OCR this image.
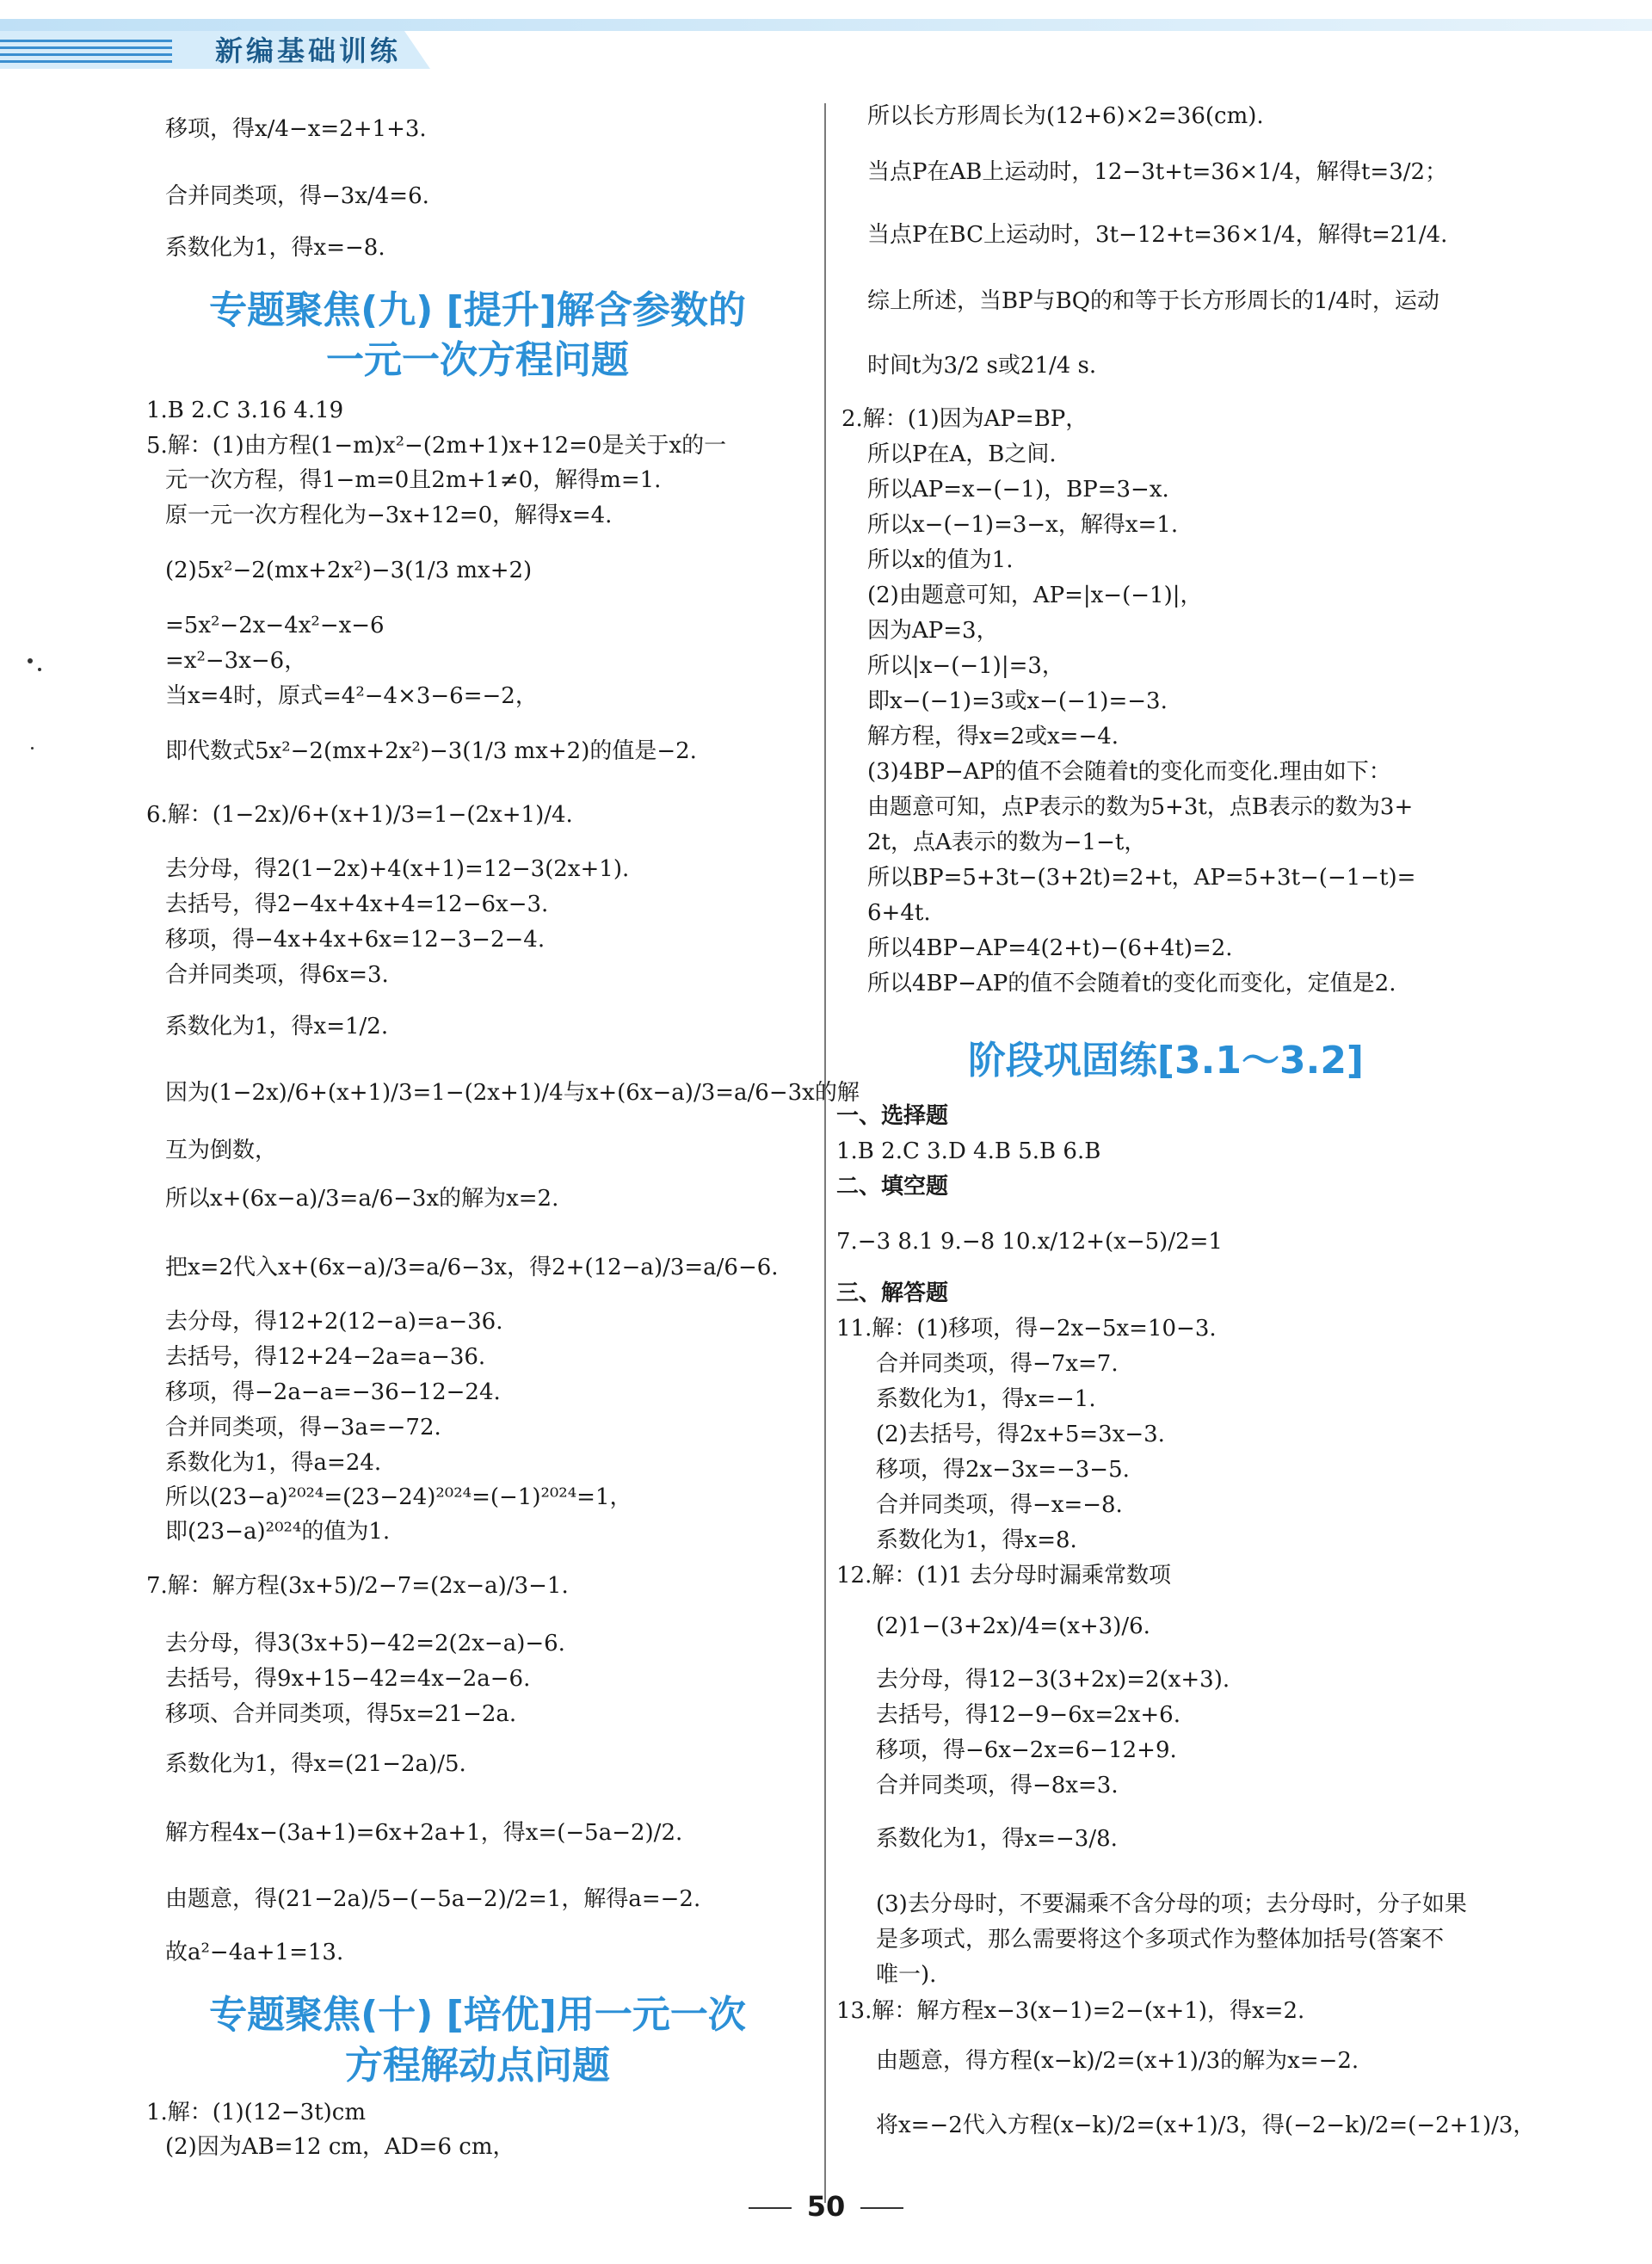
新编基础训练
移项，得x/4−x=2+1+3.
合并同类项，得−3x/4=6.
系数化为1，得x=−8.
专题聚焦(九) [提升]解含参数的
一元一次方程问题
1.B 2.C 3.16 4.19
5.解：(1)由方程(1−m)x²−(2m+1)x+12=0是关于x的一
元一次方程，得1−m=0且2m+1≠0，解得m=1.
原一元一次方程化为−3x+12=0，解得x=4.
(2)5x²−2(mx+2x²)−3(1/3 mx+2)
=5x²−2x−4x²−x−6
=x²−3x−6，
当x=4时，原式=4²−4×3−6=−2，
即代数式5x²−2(mx+2x²)−3(1/3 mx+2)的值是−2.
6.解：(1−2x)/6+(x+1)/3=1−(2x+1)/4.
去分母，得2(1−2x)+4(x+1)=12−3(2x+1).
去括号，得2−4x+4x+4=12−6x−3.
移项，得−4x+4x+6x=12−3−2−4.
合并同类项，得6x=3.
系数化为1，得x=1/2.
因为(1−2x)/6+(x+1)/3=1−(2x+1)/4与x+(6x−a)/3=a/6−3x的解
互为倒数，
所以x+(6x−a)/3=a/6−3x的解为x=2.
把x=2代入x+(6x−a)/3=a/6−3x，得2+(12−a)/3=a/6−6.
去分母，得12+2(12−a)=a−36.
去括号，得12+24−2a=a−36.
移项，得−2a−a=−36−12−24.
合并同类项，得−3a=−72.
系数化为1，得a=24.
所以(23−a)²⁰²⁴=(23−24)²⁰²⁴=(−1)²⁰²⁴=1，
即(23−a)²⁰²⁴的值为1.
7.解：解方程(3x+5)/2−7=(2x−a)/3−1.
去分母，得3(3x+5)−42=2(2x−a)−6.
去括号，得9x+15−42=4x−2a−6.
移项、合并同类项，得5x=21−2a.
系数化为1，得x=(21−2a)/5.
解方程4x−(3a+1)=6x+2a+1，得x=(−5a−2)/2.
由题意，得(21−2a)/5−(−5a−2)/2=1，解得a=−2.
故a²−4a+1=13.
专题聚焦(十) [培优]用一元一次
方程解动点问题
1.解：(1)(12−3t)cm
(2)因为AB=12 cm，AD=6 cm，
所以长方形周长为(12+6)×2=36(cm).
当点P在AB上运动时，12−3t+t=36×1/4，解得t=3/2；
当点P在BC上运动时，3t−12+t=36×1/4，解得t=21/4.
综上所述，当BP与BQ的和等于长方形周长的1/4时，运动
时间t为3/2 s或21/4 s.
2.解：(1)因为AP=BP，
所以P在A，B之间.
所以AP=x−(−1)，BP=3−x.
所以x−(−1)=3−x，解得x=1.
所以x的值为1.
(2)由题意可知，AP=|x−(−1)|，
因为AP=3，
所以|x−(−1)|=3，
即x−(−1)=3或x−(−1)=−3.
解方程，得x=2或x=−4.
(3)4BP−AP的值不会随着t的变化而变化.理由如下：
由题意可知，点P表示的数为5+3t，点B表示的数为3+
2t，点A表示的数为−1−t，
所以BP=5+3t−(3+2t)=2+t，AP=5+3t−(−1−t)=
6+4t.
所以4BP−AP=4(2+t)−(6+4t)=2.
所以4BP−AP的值不会随着t的变化而变化，定值是2.
阶段巩固练[3.1～3.2]
一、选择题
1.B 2.C 3.D 4.B 5.B 6.B
二、填空题
7.−3 8.1 9.−8 10.x/12+(x−5)/2=1
三、解答题
11.解：(1)移项，得−2x−5x=10−3.
合并同类项，得−7x=7.
系数化为1，得x=−1.
(2)去括号，得2x+5=3x−3.
移项，得2x−3x=−3−5.
合并同类项，得−x=−8.
系数化为1，得x=8.
12.解：(1)1 去分母时漏乘常数项
(2)1−(3+2x)/4=(x+3)/6.
去分母，得12−3(3+2x)=2(x+3).
去括号，得12−9−6x=2x+6.
移项，得−6x−2x=6−12+9.
合并同类项，得−8x=3.
系数化为1，得x=−3/8.
(3)去分母时，不要漏乘不含分母的项；去分母时，分子如果
是多项式，那么需要将这个多项式作为整体加括号(答案不
唯一).
13.解：解方程x−3(x−1)=2−(x+1)，得x=2.
由题意，得方程(x−k)/2=(x+1)/3的解为x=−2.
将x=−2代入方程(x−k)/2=(x+1)/3，得(−2−k)/2=(−2+1)/3，
50
